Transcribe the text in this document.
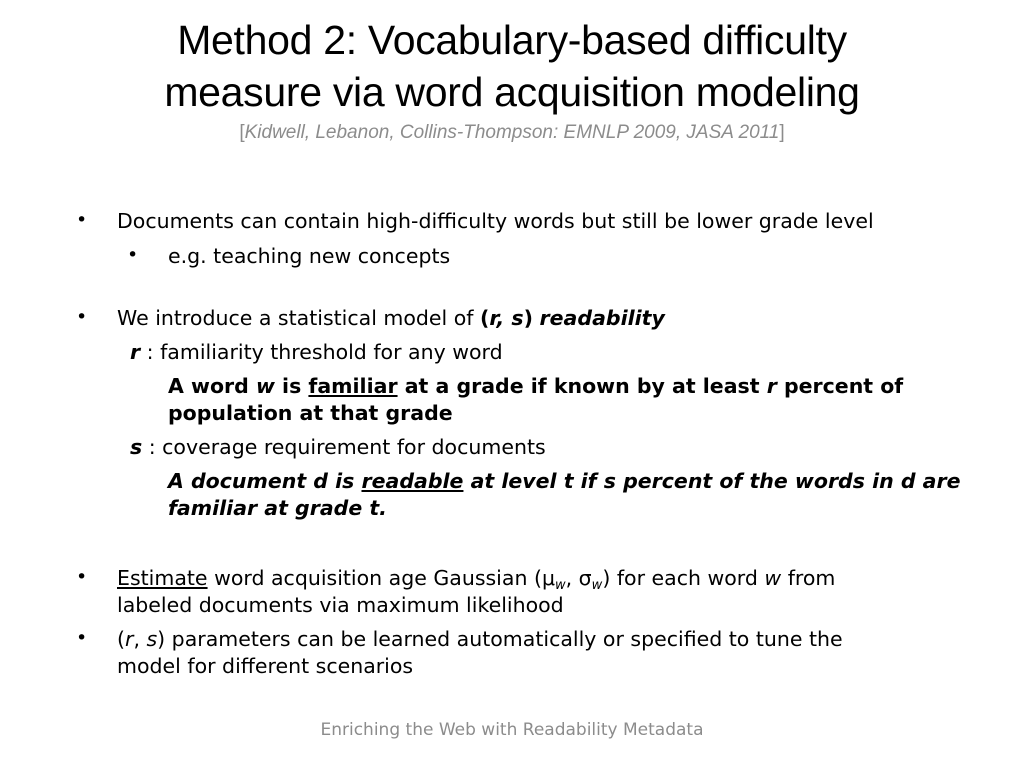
Method 2: Vocabulary-based difficulty
measure via word acquisition modeling
[Kidwell, Lebanon, Collins-Thompson: EMNLP 2009, JASA 2011]
• Documents can contain high-difficulty words but still be lower grade level
• e.g. teaching new concepts
• We introduce a statistical model of (r, s) readability
r : familiarity threshold for any word
A word w is familiar at a grade if known by at least r percent of
population at that grade
s : coverage requirement for documents
A document d is readable at level t if s percent of the words in d are
familiar at grade t.
• Estimate word acquisition age Gaussian ($\mu_w$, $\sigma_w$) for each word w from
labeled documents via maximum likelihood
• (r, s) parameters can be learned automatically or specified to tune the
model for different scenarios
Enriching the Web with Readability Metadata
